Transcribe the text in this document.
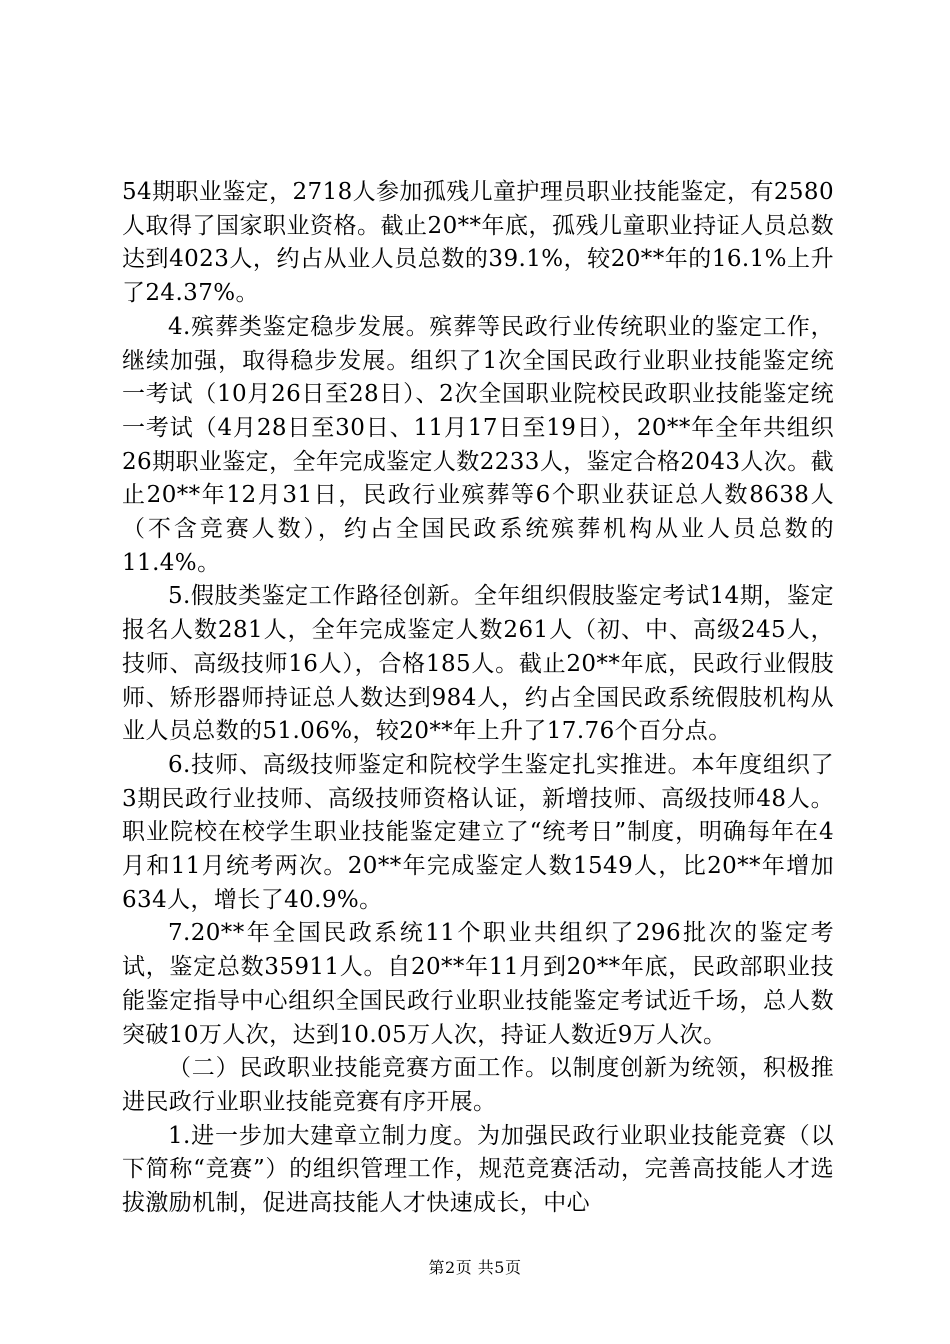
54期职业鉴定，2718人参加孤残儿童护理员职业技能鉴定，有2580人取得了国家职业资格。截止20**年底，孤残儿童职业持证人员总数达到4023人，约占从业人员总数的39.1%，较20**年的16.1%上升了24.37%。

4.殡葬类鉴定稳步发展。殡葬等民政行业传统职业的鉴定工作，继续加强，取得稳步发展。组织了1次全国民政行业职业技能鉴定统一考试（10月26日至28日）、2次全国职业院校民政职业技能鉴定统一考试（4月28日至30日、11月17日至19日），20**年全年共组织26期职业鉴定，全年完成鉴定人数2233人，鉴定合格2043人次。截止20**年12月31日，民政行业殡葬等6个职业获证总人数8638人（不含竞赛人数），约占全国民政系统殡葬机构从业人员总数的11.4%。

5.假肢类鉴定工作路径创新。全年组织假肢鉴定考试14期，鉴定报名人数281人，全年完成鉴定人数261人（初、中、高级245人，技师、高级技师16人），合格185人。截止20**年底，民政行业假肢师、矫形器师持证总人数达到984人，约占全国民政系统假肢机构从业人员总数的51.06%，较20**年上升了17.76个百分点。

6.技师、高级技师鉴定和院校学生鉴定扎实推进。本年度组织了3期民政行业技师、高级技师资格认证，新增技师、高级技师48人。职业院校在校学生职业技能鉴定建立了“统考日”制度，明确每年在4月和11月统考两次。20**年完成鉴定人数1549人，比20**年增加634人，增长了40.9%。

7.20**年全国民政系统11个职业共组织了296批次的鉴定考试，鉴定总数35911人。自20**年11月到20**年底，民政部职业技能鉴定指导中心组织全国民政行业职业技能鉴定考试近千场，总人数突破10万人次，达到10.05万人次，持证人数近9万人次。

（二）民政职业技能竞赛方面工作。以制度创新为统领，积极推进民政行业职业技能竞赛有序开展。

1.进一步加大建章立制力度。为加强民政行业职业技能竞赛（以下简称“竞赛”）的组织管理工作，规范竞赛活动，完善高技能人才选拔激励机制，促进高技能人才快速成长，中心

第2页 共5页
